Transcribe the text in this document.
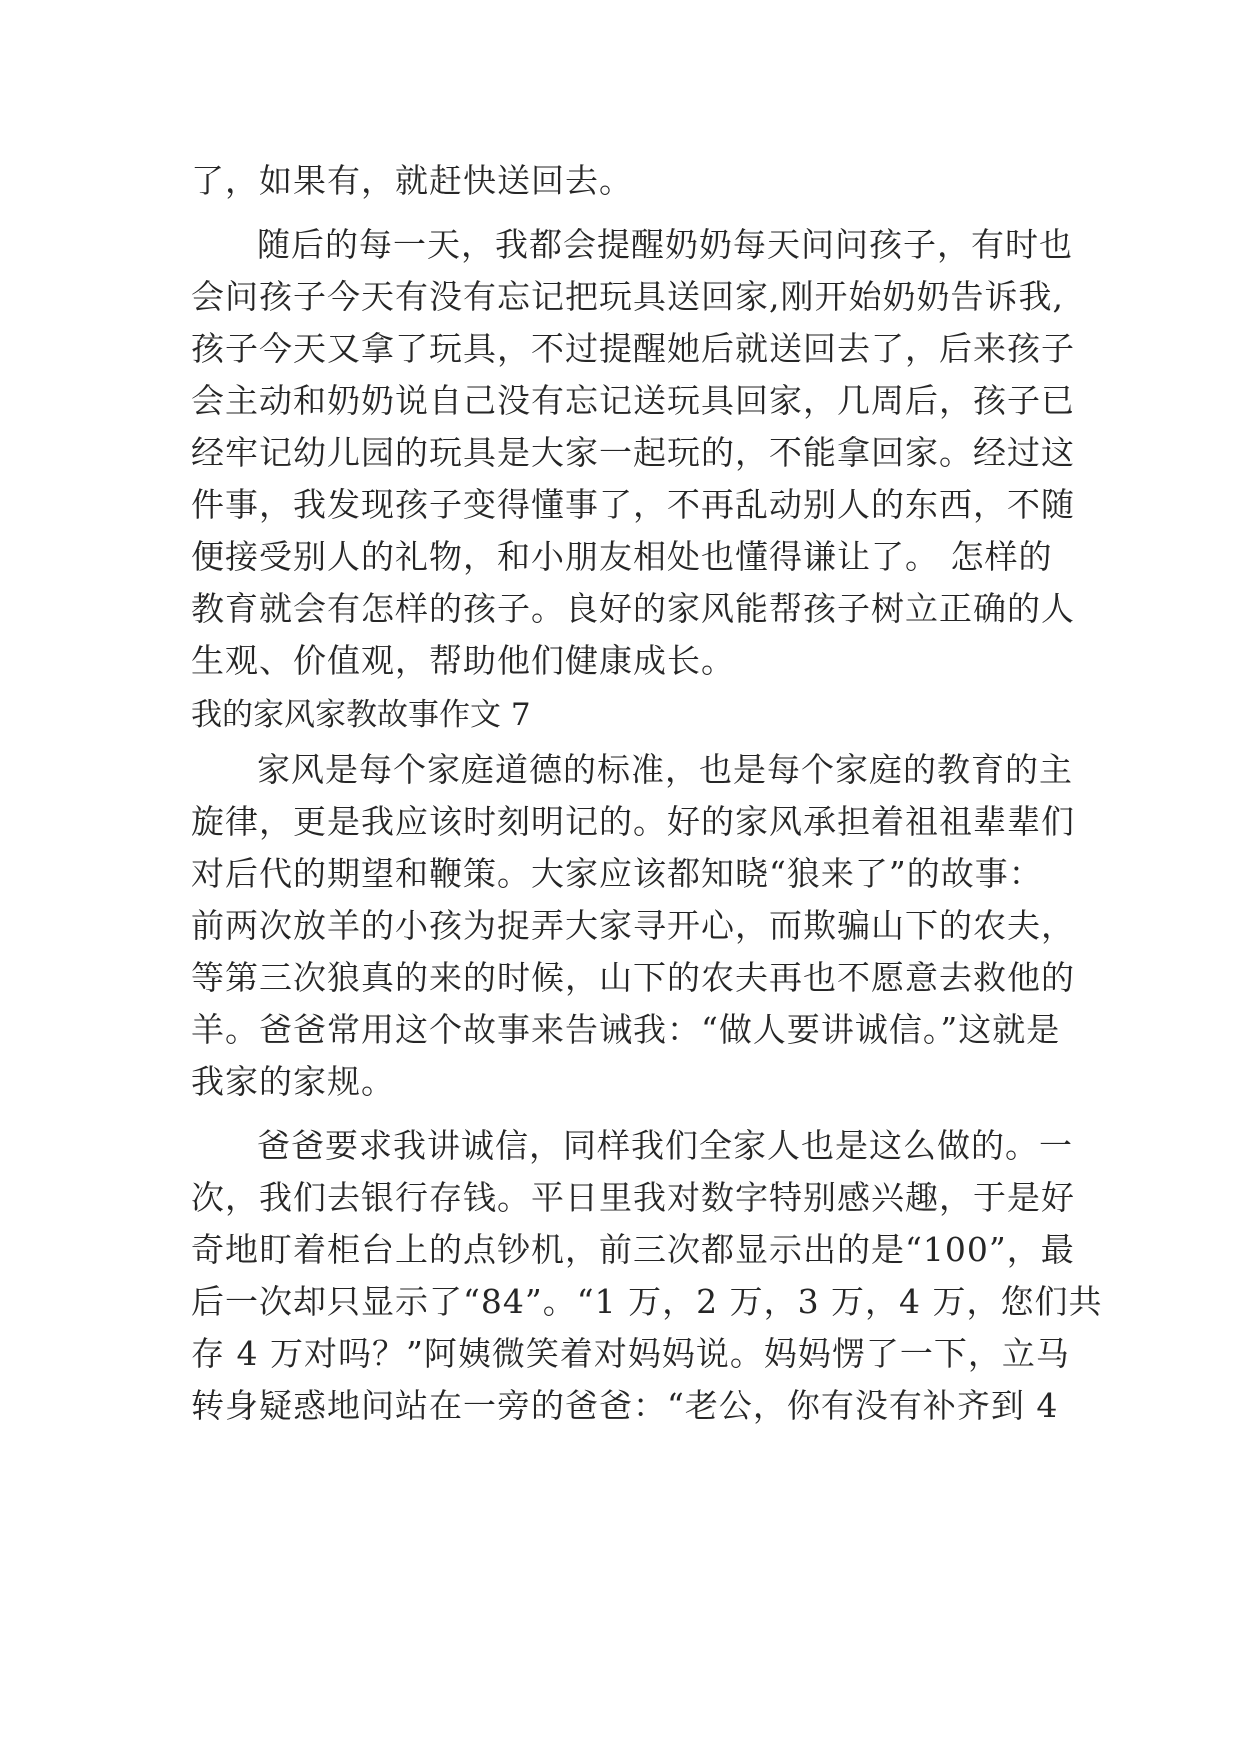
了，如果有，就赶快送回去。
随后的每一天，我都会提醒奶奶每天问问孩子，有时也
会问孩子今天有没有忘记把玩具送回家,刚开始奶奶告诉我,
孩子今天又拿了玩具，不过提醒她后就送回去了，后来孩子
会主动和奶奶说自己没有忘记送玩具回家，几周后，孩子已
经牢记幼儿园的玩具是大家一起玩的，不能拿回家。经过这
件事，我发现孩子变得懂事了，不再乱动别人的东西，不随
便接受别人的礼物，和小朋友相处也懂得谦让了。 怎样的
教育就会有怎样的孩子。良好的家风能帮孩子树立正确的人
生观、价值观，帮助他们健康成长。
我的家风家教故事作文 7
家风是每个家庭道德的标准，也是每个家庭的教育的主
旋律，更是我应该时刻明记的。好的家风承担着祖祖辈辈们
对后代的期望和鞭策。大家应该都知晓“狼来了”的故事：
前两次放羊的小孩为捉弄大家寻开心，而欺骗山下的农夫，
等第三次狼真的来的时候，山下的农夫再也不愿意去救他的
羊。爸爸常用这个故事来告诫我：“做人要讲诚信。”这就是
我家的家规。
爸爸要求我讲诚信，同样我们全家人也是这么做的。一
次，我们去银行存钱。平日里我对数字特别感兴趣，于是好
奇地盯着柜台上的点钞机，前三次都显示出的是“100”，最
后一次却只显示了“84”。“1 万，2 万，3 万，4 万，您们共
存 4 万对吗？”阿姨微笑着对妈妈说。妈妈愣了一下，立马
转身疑惑地问站在一旁的爸爸：“老公，你有没有补齐到 4
